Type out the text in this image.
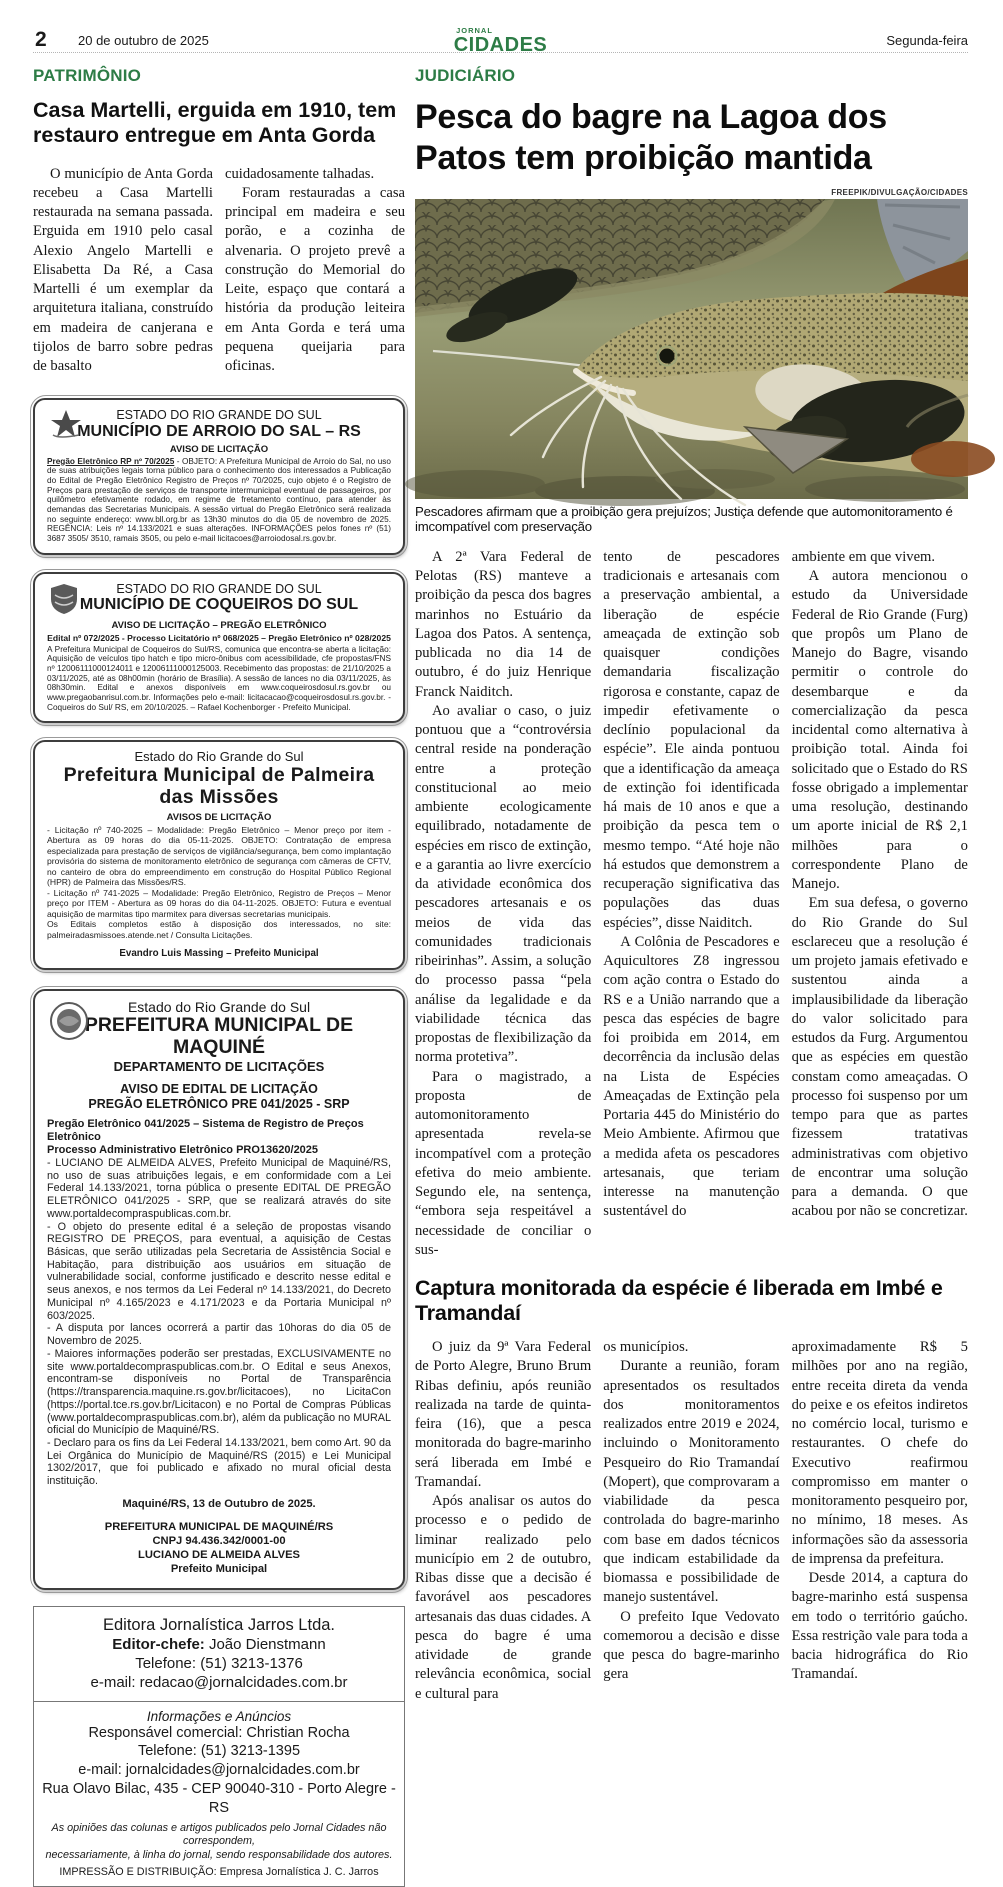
2 20 de outubro de 2025
JORNAL
CIDADES	Segunda-feira
PATRIMÔNIO
Casa Martelli, erguida em 1910, tem restauro entregue em Anta Gorda

O município de Anta Gorda recebeu a Casa Martelli restaurada na semana passada. Erguida em 1910 pelo casal Alexio Angelo Martelli e Elisabetta Da Ré, a Casa Martelli é um exemplar da arquitetura italiana, construído em madeira de canjerana e tijolos de barro sobre pedras de basalto

cuidadosamente talhadas.

Foram restauradas a casa principal em madeira e seu porão, e a cozinha de alvenaria. O projeto prevê a construção do Memorial do Leite, espaço que contará a história da produção leiteira em Anta Gorda e terá uma pequena queijaria para oficinas.

ESTADO DO RIO GRANDE DO SUL
MUNICÍPIO DE ARROIO DO SAL – RS
AVISO DE LICITAÇÃO
Pregão Eletrônico RP nº 70/2025 - OBJETO: A Prefeitura Municipal de Arroio do Sal, no uso de suas atribuições legais torna público para o conhecimento dos interessados a Publicação do Edital de Pregão Eletrônico Registro de Preços nº 70/2025, cujo objeto é o Registro de Preços para prestação de serviços de transporte intermunicipal eventual de passageiros, por quilômetro efetivamente rodado, em regime de fretamento contínuo, para atender às demandas das Secretarias Municipais. A sessão virtual do Pregão Eletrônico será realizada no seguinte endereço: www.bll.org.br as 13h30 minutos do dia 05 de novembro de 2025. REGÊNCIA: Leis nº 14.133/2021 e suas alterações. INFORMAÇÕES pelos fones nº (51) 3687 3505/ 3510, ramais 3505, ou pelo e-mail licitacoes@arroiodosal.rs.gov.br.
ESTADO DO RIO GRANDE DO SUL
MUNICÍPIO DE COQUEIROS DO SUL
AVISO DE LICITAÇÃO – PREGÃO ELETRÔNICO
Edital nº 072/2025 - Processo Licitatório nº 068/2025 – Pregão Eletrônico nº 028/2025
A Prefeitura Municipal de Coqueiros do Sul/RS, comunica que encontra-se aberta a licitação: Aquisição de veículos tipo hatch e tipo micro-ônibus com acessibilidade, cfe propostas/FNS nº 12006111000124011 e 12006111000125003. Recebimento das propostas: de 21/10/2025 a 03/11/2025, até as 08h00min (horário de Brasília). A sessão de lances no dia 03/11/2025, às 08h30min. Edital e anexos disponíveis em www.coqueirosdosul.rs.gov.br ou www.pregaobanrisul.com.br. Informações pelo e-mail: licitacacao@coqueirosdosul.rs.gov.br. - Coqueiros do Sul/ RS, em 20/10/2025. – Rafael Kochenborger - Prefeito Municipal.
Estado do Rio Grande do Sul
Prefeitura Municipal de Palmeira das Missões
AVISOS DE LICITAÇÃO

- Licitação nº 740-2025 – Modalidade: Pregão Eletrônico – Menor preço por item - Abertura as 09 horas do dia 05-11-2025. OBJETO: Contratação de empresa especializada para prestação de serviços de vigilância/segurança, bem como implantação provisória do sistema de monitoramento eletrônico de segurança com câmeras de CFTV, no canteiro de obra do empreendimento em construção do Hospital Público Regional (HPR) de Palmeira das Missões/RS.

- Licitação nº 741-2025 – Modalidade: Pregão Eletrônico, Registro de Preços – Menor preço por ITEM - Abertura as 09 horas do dia 04-11-2025. OBJETO: Futura e eventual aquisição de marmitas tipo marmitex para diversas secretarias municipais.

Os Editais completos estão à disposição dos interessados, no site: palmeiradasmissoes.atende.net / Consulta Licitações.

Evandro Luis Massing – Prefeito Municipal
Estado do Rio Grande do Sul
PREFEITURA MUNICIPAL DE MAQUINÉ
DEPARTAMENTO DE LICITAÇÕES
AVISO DE EDITAL DE LICITAÇÃO
PREGÃO ELETRÔNICO PRE 041/2025 - SRP
Pregão Eletrônico 041/2025 – Sistema de Registro de Preços Eletrônico
Processo Administrativo Eletrônico PRO13620/2025

- LUCIANO DE ALMEIDA ALVES, Prefeito Municipal de Maquiné/RS, no uso de suas atribuições legais, e em conformidade com a Lei Federal 14.133/2021, torna pública o presente EDITAL DE PREGÃO ELETRÔNICO 041/2025 - SRP, que se realizará através do site www.portaldecompraspublicas.com.br.

- O objeto do presente edital é a seleção de propostas visando REGISTRO DE PREÇOS, para eventual, a aquisição de Cestas Básicas, que serão utilizadas pela Secretaria de Assistência Social e Habitação, para distribuição aos usuários em situação de vulnerabilidade social, conforme justificado e descrito nesse edital e seus anexos, e nos termos da Lei Federal nº 14.133/2021, do Decreto Municipal nº 4.165/2023 e 4.171/2023 e da Portaria Municipal nº 603/2025.

- A disputa por lances ocorrerá a partir das 10horas do dia 05 de Novembro de 2025.

- Maiores informações poderão ser prestadas, EXCLUSIVAMENTE no site www.portaldecompraspublicas.com.br. O Edital e seus Anexos, encontram-se disponíveis no Portal de Transparência (https://transparencia.maquine.rs.gov.br/licitacoes), no LicitaCon (https://portal.tce.rs.gov.br/Licitacon) e no Portal de Compras Públicas (www.portaldecompraspublicas.com.br), além da publicação no MURAL oficial do Município de Maquiné/RS.

- Declaro para os fins da Lei Federal 14.133/2021, bem como Art. 90 da Lei Orgânica do Município de Maquiné/RS (2015) e Lei Municipal 1302/2017, que foi publicado e afixado no mural oficial desta instituição.

Maquiné/RS, 13 de Outubro de 2025.
PREFEITURA MUNICIPAL DE MAQUINÉ/RS
CNPJ 94.436.342/0001-00
LUCIANO DE ALMEIDA ALVES
Prefeito Municipal
Editora Jornalística Jarros Ltda.
Editor-chefe: João Dienstmann
Telefone: (51) 3213-1376
e-mail: redacao@jornalcidades.com.br
Informações e Anúncios
Responsável comercial: Christian Rocha
Telefone: (51) 3213-1395
e-mail: jornalcidades@jornalcidades.com.br
Rua Olavo Bilac, 435 - CEP 90040-310 - Porto Alegre - RS
As opiniões das colunas e artigos publicados pelo Jornal Cidades não correspondem,
necessariamente, à linha do jornal, sendo responsabilidade dos autores.
IMPRESSÃO E DISTRIBUIÇÃO: Empresa Jornalística J. C. Jarros
JUDICIÁRIO
Pesca do bagre na Lagoa dos Patos tem proibição mantida
FREEPIK/DIVULGAÇÃO/CIDADES
Pescadores afirmam que a proibição gera prejuízos; Justiça defende que automonitoramento é imcompatível com preservação

A 2ª Vara Federal de Pelotas (RS) manteve a proibição da pesca dos bagres marinhos no Estuário da Lagoa dos Patos. A sentença, publicada no dia 14 de outubro, é do juiz Henrique Franck Naiditch.

Ao avaliar o caso, o juiz pontuou que a “controvérsia central reside na ponderação entre a proteção constitucional ao meio ambiente ecologicamente equilibrado, notadamente de espécies em risco de extinção, e a garantia ao livre exercício da atividade econômica dos pescadores artesanais e os meios de vida das comunidades tradicionais ribeirinhas”. Assim, a solução do processo passa “pela análise da legalidade e da viabilidade técnica das propostas de flexibilização da norma protetiva”.

Para o magistrado, a proposta de automonitoramento apresentada revela-se incompatível com a proteção efetiva do meio ambiente. Segundo ele, na sentença, “embora seja respeitável a necessidade de conciliar o sus-

tento de pescadores tradicionais e artesanais com a preservação ambiental, a liberação de espécie ameaçada de extinção sob quaisquer condições demandaria fiscalização rigorosa e constante, capaz de impedir efetivamente o declínio populacional da espécie”. Ele ainda pontuou que a identificação da ameaça de extinção foi identificada há mais de 10 anos e que a proibição da pesca tem o mesmo tempo. “Até hoje não há estudos que demonstrem a recuperação significativa das populações das duas espécies”, disse Naiditch.

A Colônia de Pescadores e Aquicultores Z8 ingressou com ação contra o Estado do RS e a União narrando que a pesca das espécies de bagre foi proibida em 2014, em decorrência da inclusão delas na Lista de Espécies Ameaçadas de Extinção pela Portaria 445 do Ministério do Meio Ambiente. Afirmou que a medida afeta os pescadores artesanais, que teriam interesse na manutenção sustentável do

ambiente em que vivem.

A autora mencionou o estudo da Universidade Federal de Rio Grande (Furg) que propôs um Plano de Manejo do Bagre, visando permitir o controle do desembarque e da comercialização da pesca incidental como alternativa à proibição total. Ainda foi solicitado que o Estado do RS fosse obrigado a implementar uma resolução, destinando um aporte inicial de R$ 2,1 milhões para o correspondente Plano de Manejo.

Em sua defesa, o governo do Rio Grande do Sul esclareceu que a resolução é um projeto jamais efetivado e sustentou ainda a implausibilidade da liberação do valor solicitado para estudos da Furg. Argumentou que as espécies em questão constam como ameaçadas. O processo foi suspenso por um tempo para que as partes fizessem tratativas administrativas com objetivo de encontrar uma solução para a demanda. O que acabou por não se concretizar.

Captura monitorada da espécie é liberada em Imbé e Tramandaí

O juiz da 9ª Vara Federal de Porto Alegre, Bruno Brum Ribas definiu, após reunião realizada na tarde de quinta-feira (16), que a pesca monitorada do bagre-marinho será liberada em Imbé e Tramandaí.

Após analisar os autos do processo e o pedido de liminar realizado pelo município em 2 de outubro, Ribas disse que a decisão é favorável aos pescadores artesanais das duas cidades. A pesca do bagre é uma atividade de grande relevância econômica, social e cultural para

os municípios.

Durante a reunião, foram apresentados os resultados dos monitoramentos realizados entre 2019 e 2024, incluindo o Monitoramento Pesqueiro do Rio Tramandaí (Mopert), que comprovaram a viabilidade da pesca controlada do bagre-marinho com base em dados técnicos que indicam estabilidade da biomassa e possibilidade de manejo sustentável.

O prefeito Ique Vedovato comemorou a decisão e disse que pesca do bagre-marinho gera

aproximadamente R$ 5 milhões por ano na região, entre receita direta da venda do peixe e os efeitos indiretos no comércio local, turismo e restaurantes. O chefe do Executivo reafirmou compromisso em manter o monitoramento pesqueiro por, no mínimo, 18 meses. As informações são da assessoria de imprensa da prefeitura.

Desde 2014, a captura do bagre-marinho está suspensa em todo o território gaúcho. Essa restrição vale para toda a bacia hidrográfica do Rio Tramandaí.
